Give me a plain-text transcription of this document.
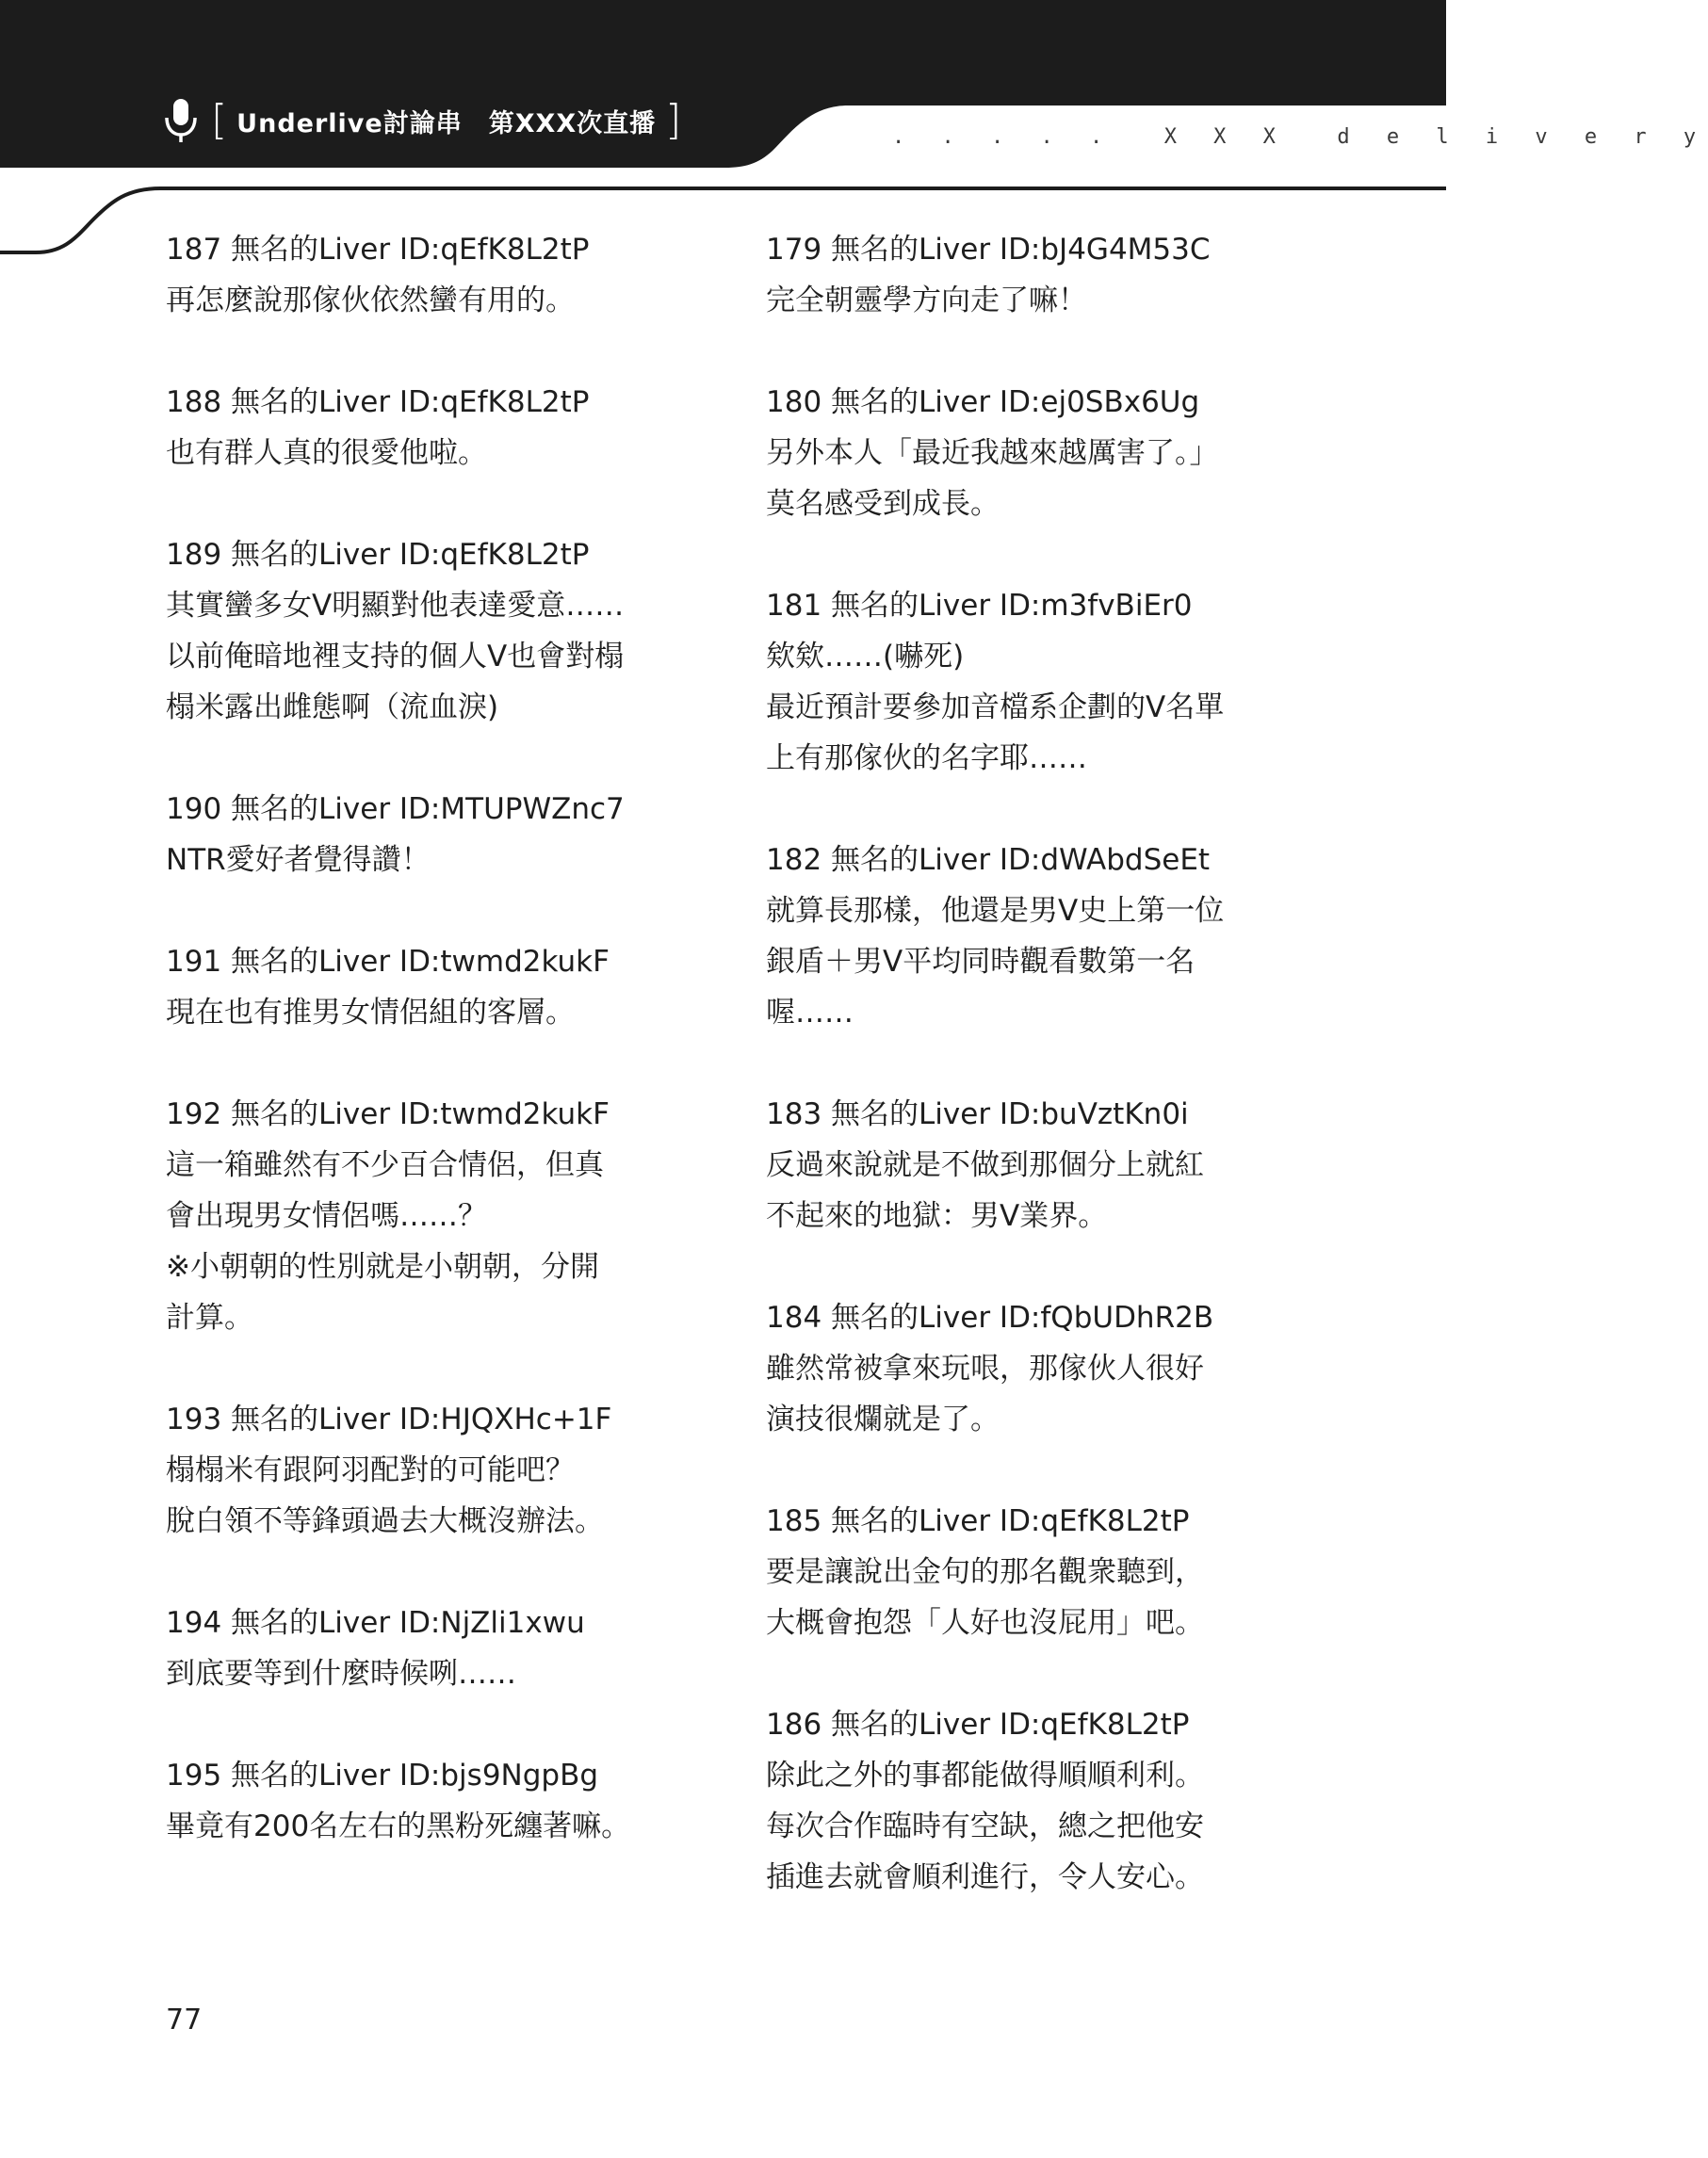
[ Underlive討論串　第XXX次直播 ]	. . . . .  X X X  d e l i v e r y
187 無名的Liver ID:qEfK8L2tP
再怎麼說那傢伙依然蠻有用的。
188 無名的Liver ID:qEfK8L2tP
也有群人真的很愛他啦。
189 無名的Liver ID:qEfK8L2tP
其實蠻多女V明顯對他表達愛意……
以前俺暗地裡支持的個人V也會對榻
榻米露出雌態啊（流血淚)
190 無名的Liver ID:MTUPWZnc7
NTR愛好者覺得讚！
191 無名的Liver ID:twmd2kukF
現在也有推男女情侶組的客層。
192 無名的Liver ID:twmd2kukF
這一箱雖然有不少百合情侶，但真
會出現男女情侶嗎……？
※小朝朝的性別就是小朝朝，分開
計算。
193 無名的Liver ID:HJQXHc+1F
榻榻米有跟阿羽配對的可能吧？
脫白領不等鋒頭過去大概沒辦法。
194 無名的Liver ID:NjZli1xwu
到底要等到什麼時候咧……
195 無名的Liver ID:bjs9NgpBg
畢竟有200名左右的黑粉死纏著嘛。
179 無名的Liver ID:bJ4G4M53C
完全朝靈學方向走了嘛！
180 無名的Liver ID:ej0SBx6Ug
另外本人「最近我越來越厲害了。」
莫名感受到成長。
181 無名的Liver ID:m3fvBiEr0
欸欸……(嚇死)
最近預計要參加音檔系企劃的V名單
上有那傢伙的名字耶……
182 無名的Liver ID:dWAbdSeEt
就算長那樣，他還是男V史上第一位
銀盾＋男V平均同時觀看數第一名
喔……
183 無名的Liver ID:buVztKn0i
反過來說就是不做到那個分上就紅
不起來的地獄：男V業界。
184 無名的Liver ID:fQbUDhR2B
雖然常被拿來玩哏，那傢伙人很好
演技很爛就是了。
185 無名的Liver ID:qEfK8L2tP
要是讓說出金句的那名觀衆聽到，
大概會抱怨「人好也沒屁用」吧。
186 無名的Liver ID:qEfK8L2tP
除此之外的事都能做得順順利利。
每次合作臨時有空缺，總之把他安
插進去就會順利進行，令人安心。
77
